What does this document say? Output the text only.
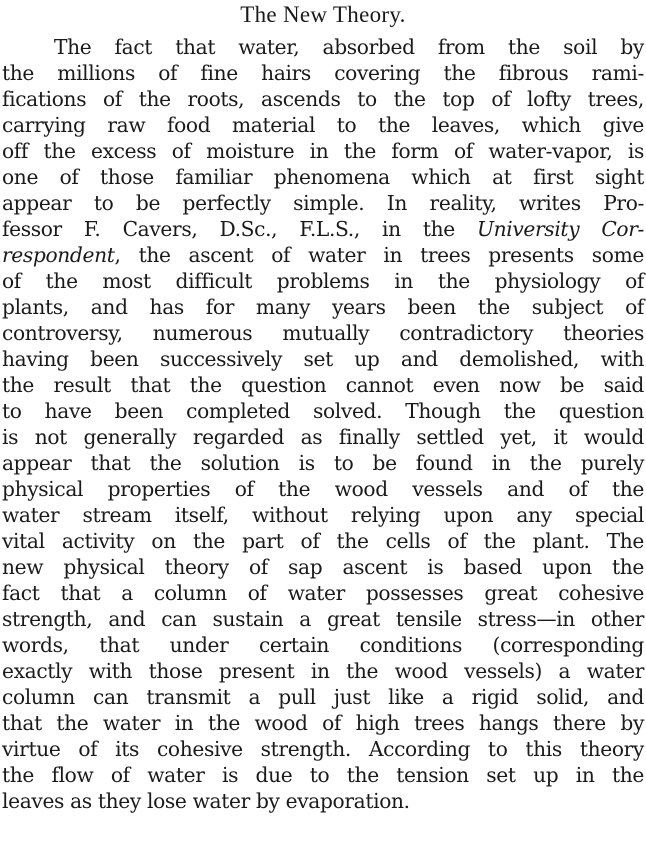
The New Theory.
The fact that water, absorbed from the soil by
the millions of fine hairs covering the fibrous rami-
fications of the roots, ascends to the top of lofty trees,
carrying raw food material to the leaves, which give
off the excess of moisture in the form of water-vapor, is
one of those familiar phenomena which at first sight
appear to be perfectly simple. In reality, writes Pro-
fessor F. Cavers, D.Sc., F.L.S., in the University Cor-
respondent, the ascent of water in trees presents some
of the most difficult problems in the physiology of
plants, and has for many years been the subject of
controversy, numerous mutually contradictory theories
having been successively set up and demolished, with
the result that the question cannot even now be said
to have been completed solved. Though the question
is not generally regarded as finally settled yet, it would
appear that the solution is to be found in the purely
physical properties of the wood vessels and of the
water stream itself, without relying upon any special
vital activity on the part of the cells of the plant. The
new physical theory of sap ascent is based upon the
fact that a column of water possesses great cohesive
strength, and can sustain a great tensile stress—in other
words, that under certain conditions (corresponding
exactly with those present in the wood vessels) a water
column can transmit a pull just like a rigid solid, and
that the water in the wood of high trees hangs there by
virtue of its cohesive strength. According to this theory
the flow of water is due to the tension set up in the
leaves as they lose water by evaporation.
